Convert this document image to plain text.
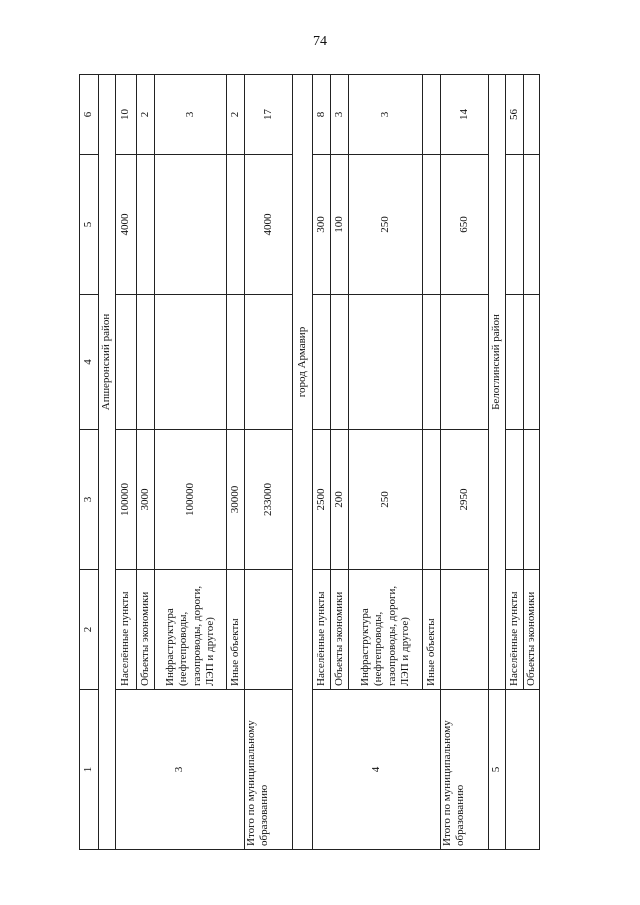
74
1	2	3	4	5	6
			Апшеронский район		
3	Населённые пункты	100000		4000	10
	Объекты экономики	3000			2
	Инфраструктура (нефтепроводы, газопроводы, дороги, ЛЭП и другое)	100000			3
	Иные объекты	30000			2
Итого по муниципальному образованию		233000		4000	17
			город Армавир		
4	Населённые пункты	2500		300	8
	Объекты экономики	200		100	3
	Инфраструктура (нефтепроводы, газопроводы, дороги, ЛЭП и другое)	250		250	3
	Иные объекты				
Итого по муниципальному образованию		2950		650	14
5			Белоглинский район		
	Населённые пункты				56
	Объекты экономики				
